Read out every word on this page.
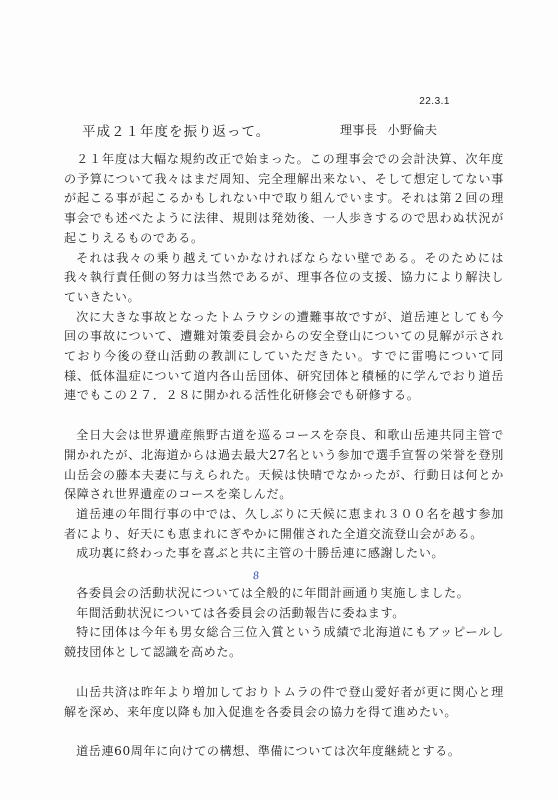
22.3.1
平成２１年度を振り返って。	理事長 小野倫夫

２１年度は大幅な規約改正で始まった。この理事会での会計決算、次年度の予算について我々はまだ周知、完全理解出来ない、そして想定してない事が起こる事が起こるかもしれない中で取り組んでいます。それは第２回の理事会でも述べたように法律、規則は発効後、一人歩きするので思わぬ状況が起こりえるものである。

それは我々の乗り越えていかなければならない壁である。そのためには我々執行責任側の努力は当然であるが、理事各位の支援、協力により解決していきたい。

次に大きな事故となったトムラウシの遭難事故ですが、道岳連としても今回の事故について、遭難対策委員会からの安全登山についての見解が示されており今後の登山活動の教訓にしていただきたい。すでに雷鳴について同様、低体温症について道内各山岳団体、研究団体と積極的に学んでおり道岳連でもこの２７．２８に開かれる活性化研修会でも研修する。

全日大会は世界遺産熊野古道を巡るコースを奈良、和歌山岳連共同主管で開かれたが、北海道からは過去最大27名という参加で選手宣誓の栄誉を登別山岳会の藤本夫妻に与えられた。天候は快晴でなかったが、行動日は何とか保障され世界遺産のコースを楽しんだ。

道岳連の年間行事の中では、久しぶりに天候に恵まれ３００名を越す参加者により、好天にも恵まれにぎやかに開催された全道交流登山会がある。

成功裏に終わった事を喜ぶと共に主管の十勝岳連に感謝したい。

各委員会の活動状況については全般的に年間計画通り実施しました。

年間活動状況については各委員会の活動報告に委ねます。

特に団体は今年も男女総合三位入賞という成績で北海道にもアッピールし競技団体として認識を高めた。

山岳共済は昨年より増加しておりトムラの件で登山愛好者が更に関心と理解を深め、来年度以降も加入促進を各委員会の協力を得て進めたい。

道岳連60周年に向けての構想、準備については次年度継続とする。

8
